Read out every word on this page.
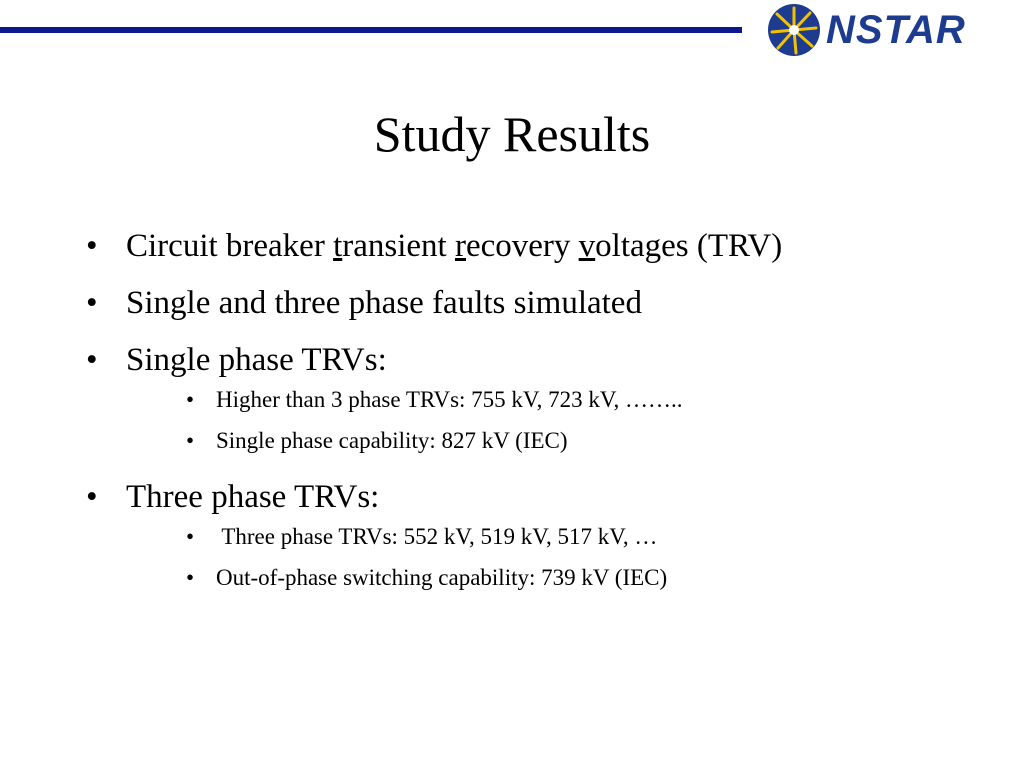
NSTAR
Study Results
• Circuit breaker transient recovery voltages (TRV)
• Single and three phase faults simulated
• Single phase TRVs:
• Higher than 3 phase TRVs: 755 kV, 723 kV, ……..
• Single phase capability: 827 kV (IEC)
• Three phase TRVs:
• Three phase TRVs: 552 kV, 519 kV, 517 kV, …
• Out-of-phase switching capability: 739 kV (IEC)
